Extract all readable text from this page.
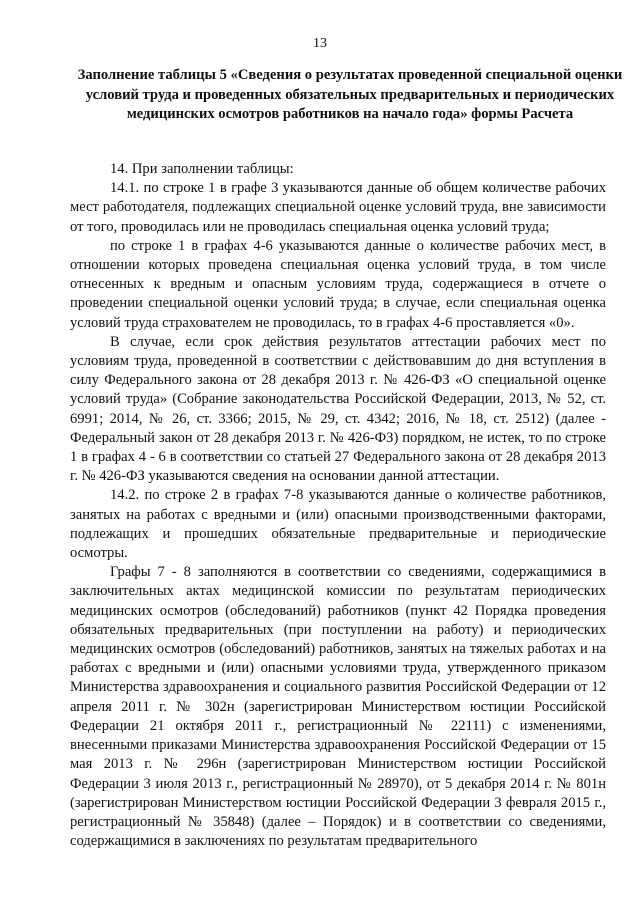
13
Заполнение таблицы 5 «Сведения о результатах проведенной специальной оценки условий труда и проведенных обязательных предварительных и периодических медицинских осмотров работников на начало года» формы Расчета

14. При заполнении таблицы:

14.1. по строке 1 в графе 3 указываются данные об общем количестве рабочих мест работодателя, подлежащих специальной оценке условий труда, вне зависимости от того, проводилась или не проводилась специальная оценка условий труда;

по строке 1 в графах 4-6 указываются данные о количестве рабочих мест, в отношении которых проведена специальная оценка условий труда, в том числе отнесенных к вредным и опасным условиям труда, содержащиеся в отчете о проведении специальной оценки условий труда; в случае, если специальная оценка условий труда страхователем не проводилась, то в графах 4-6 проставляется «0».

В случае, если срок действия результатов аттестации рабочих мест по условиям труда, проведенной в соответствии с действовавшим до дня вступления в силу Федерального закона от 28 декабря 2013 г. № 426-ФЗ «О специальной оценке условий труда» (Собрание законодательства Российской Федерации, 2013, № 52, ст. 6991; 2014, № 26, ст. 3366; 2015, № 29, ст. 4342; 2016, № 18, ст. 2512) (далее - Федеральный закон от 28 декабря 2013 г. № 426-ФЗ) порядком, не истек, то по строке 1 в графах 4 - 6 в соответствии со статьей 27 Федерального закона от 28 декабря 2013 г. № 426-ФЗ указываются сведения на основании данной аттестации.

14.2. по строке 2 в графах 7-8 указываются данные о количестве работников, занятых на работах с вредными и (или) опасными производственными факторами, подлежащих и прошедших обязательные предварительные и периодические осмотры.

Графы 7 - 8 заполняются в соответствии со сведениями, содержащимися в заключительных актах медицинской комиссии по результатам периодических медицинских осмотров (обследований) работников (пункт 42 Порядка проведения обязательных предварительных (при поступлении на работу) и периодических медицинских осмотров (обследований) работников, занятых на тяжелых работах и на работах с вредными и (или) опасными условиями труда, утвержденного приказом Министерства здравоохранения и социального развития Российской Федерации от 12 апреля 2011 г. № 302н (зарегистрирован Министерством юстиции Российской Федерации 21 октября 2011 г., регистрационный № 22111) с изменениями, внесенными приказами Министерства здравоохранения Российской Федерации от 15 мая 2013 г. № 296н (зарегистрирован Министерством юстиции Российской Федерации 3 июля 2013 г., регистрационный № 28970), от 5 декабря 2014 г. № 801н (зарегистрирован Министерством юстиции Российской Федерации 3 февраля 2015 г., регистрационный № 35848) (далее – Порядок) и в соответствии со сведениями, содержащимися в заключениях по результатам предварительного
